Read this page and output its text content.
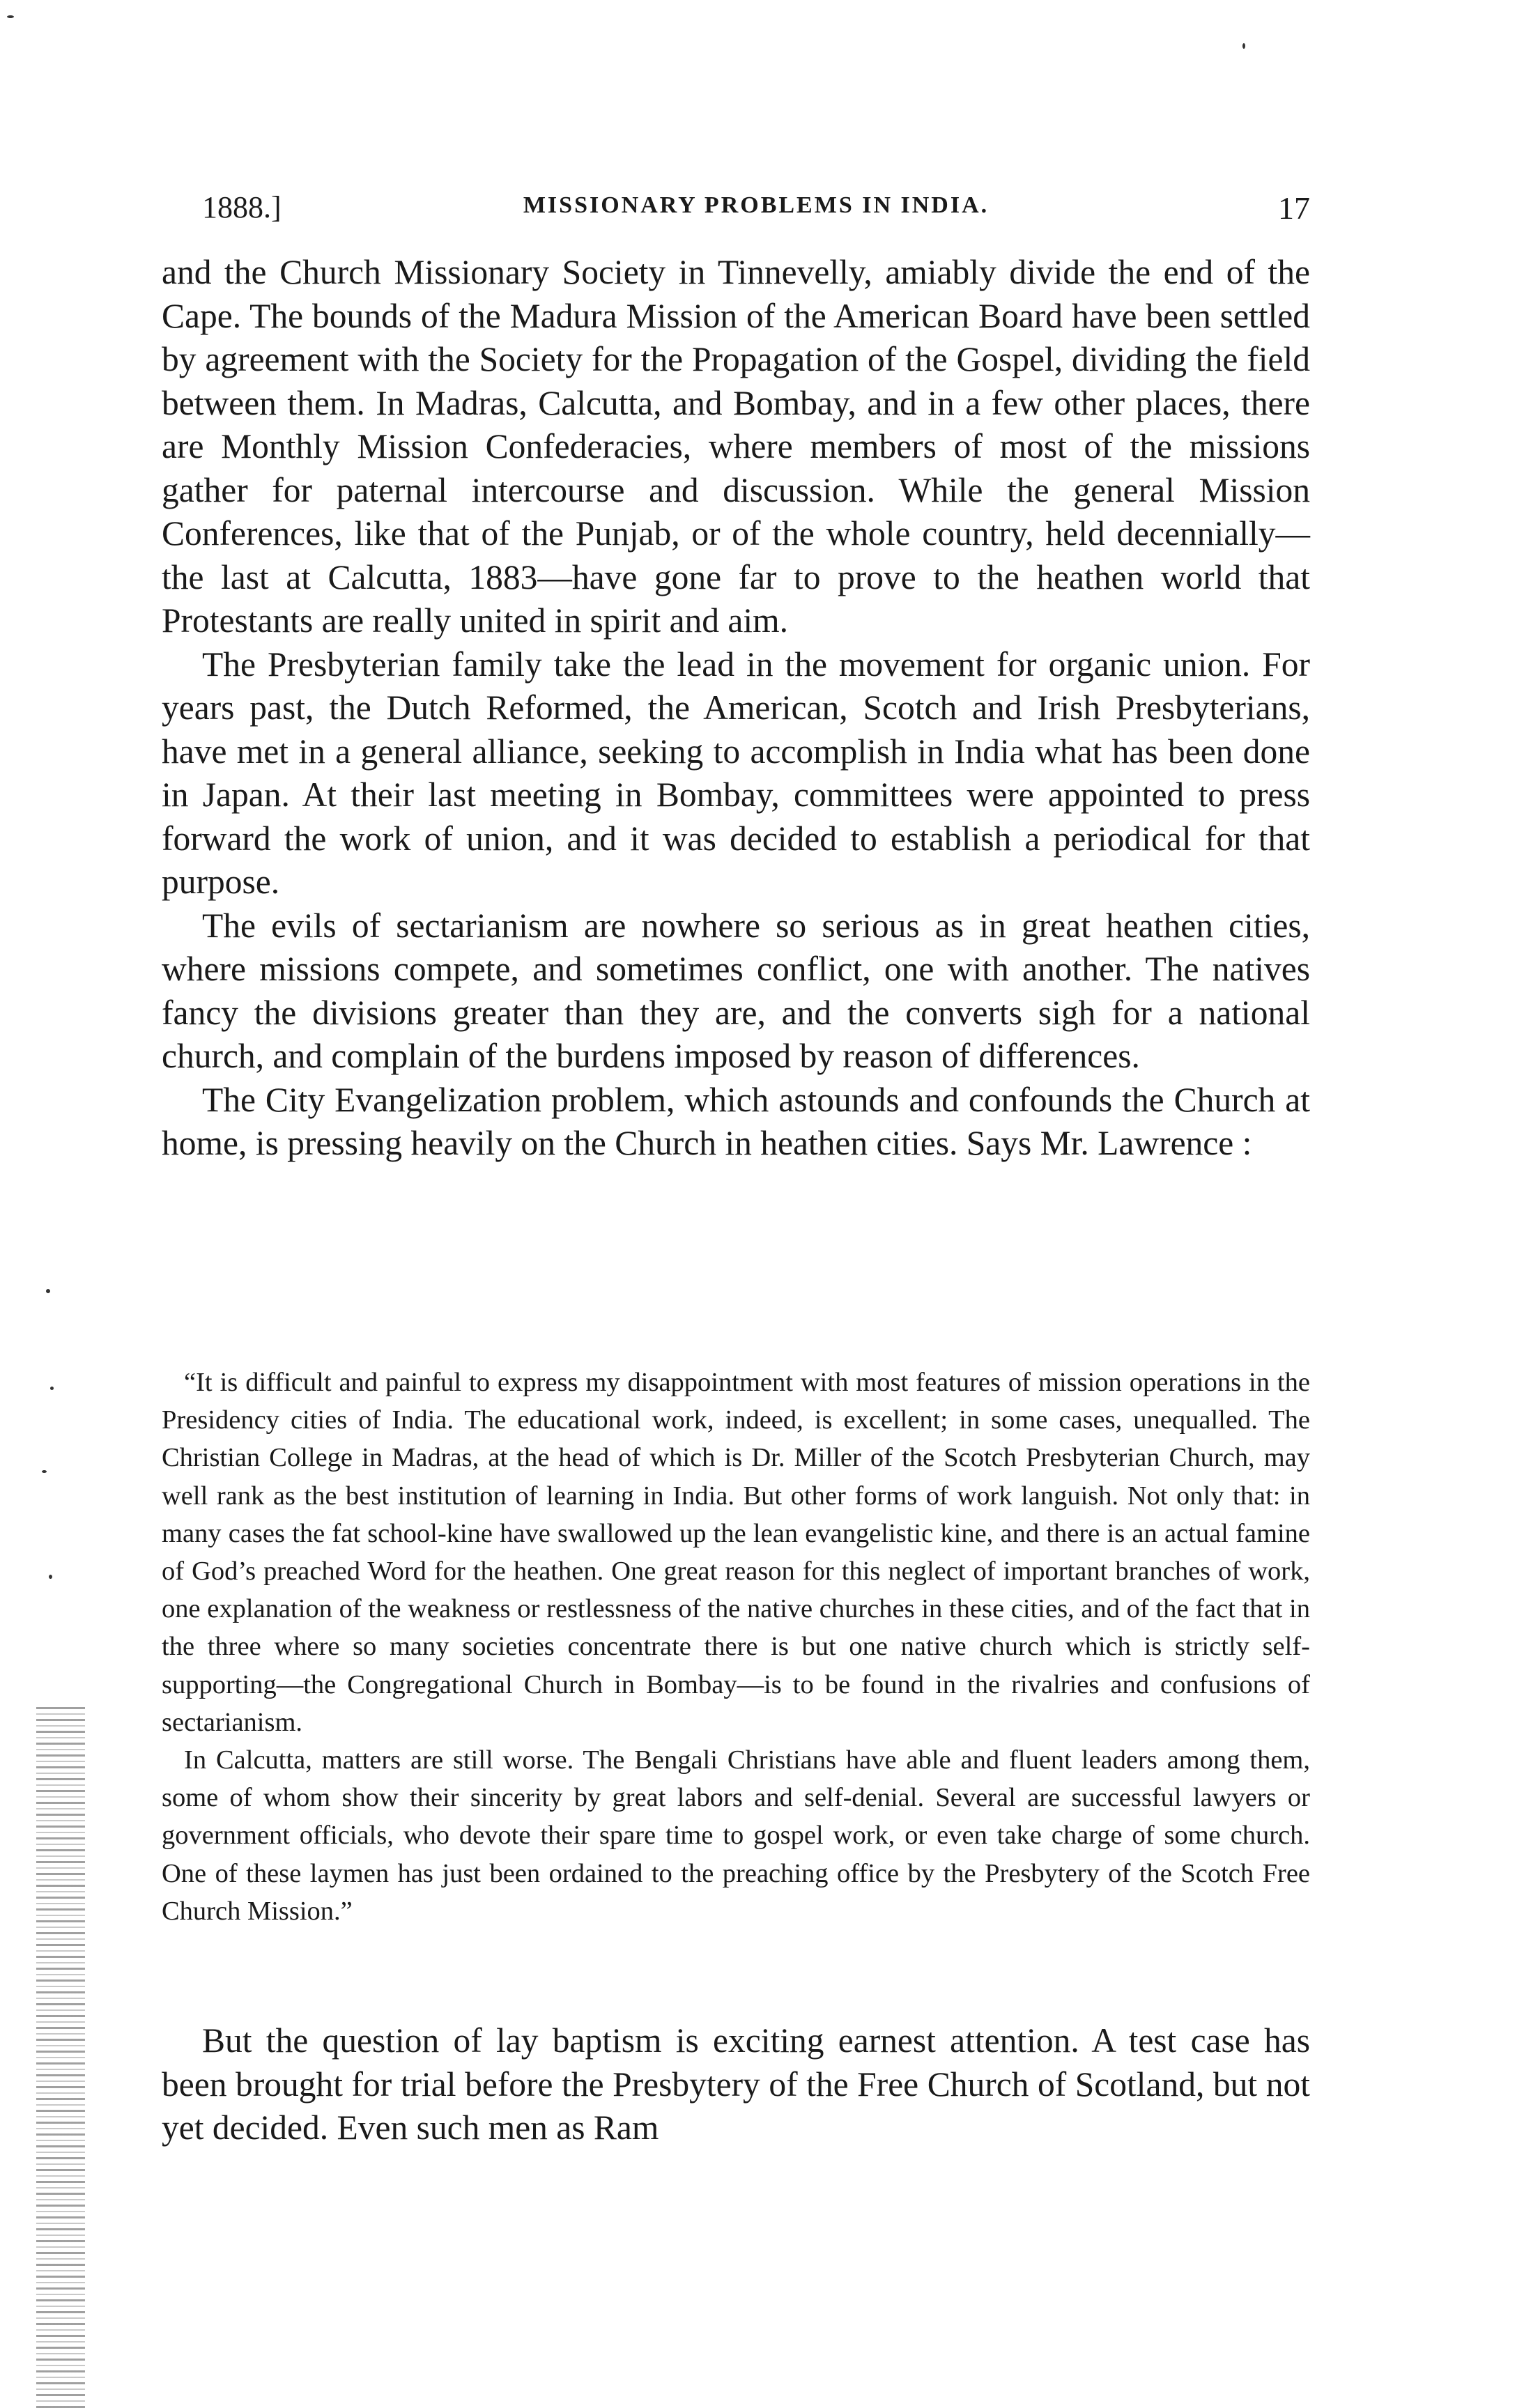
1888.]	MISSIONARY PROBLEMS IN INDIA.	17

and the Church Missionary Society in Tinnevelly, amiably divide the end of the Cape. The bounds of the Madura Mission of the American Board have been settled by agreement with the Society for the Propagation of the Gospel, dividing the field between them. In Madras, Calcutta, and Bombay, and in a few other places, there are Monthly Mission Confederacies, where members of most of the missions gather for paternal intercourse and discussion. While the general Mission Conferences, like that of the Punjab, or of the whole country, held decennially—the last at Calcutta, 1883—have gone far to prove to the heathen world that Protestants are really united in spirit and aim.

The Presbyterian family take the lead in the movement for organic union. For years past, the Dutch Reformed, the American, Scotch and Irish Presbyterians, have met in a general alliance, seeking to accomplish in India what has been done in Japan. At their last meeting in Bombay, committees were appointed to press forward the work of union, and it was decided to establish a periodical for that purpose.

The evils of sectarianism are nowhere so serious as in great heathen cities, where missions compete, and sometimes conflict, one with another. The natives fancy the divisions greater than they are, and the converts sigh for a national church, and complain of the burdens imposed by reason of differences.

The City Evangelization problem, which astounds and confounds the Church at home, is pressing heavily on the Church in heathen cities. Says Mr. Lawrence :

“It is difficult and painful to express my disappointment with most features of mission operations in the Presidency cities of India. The educational work, indeed, is excellent; in some cases, unequalled. The Christian College in Madras, at the head of which is Dr. Miller of the Scotch Presbyterian Church, may well rank as the best institution of learning in India. But other forms of work languish. Not only that: in many cases the fat school-kine have swallowed up the lean evangelistic kine, and there is an actual famine of God’s preached Word for the heathen. One great reason for this neglect of important branches of work, one explanation of the weakness or restlessness of the native churches in these cities, and of the fact that in the three where so many societies concentrate there is but one native church which is strictly self-supporting—the Congregational Church in Bombay—is to be found in the rivalries and confusions of sectarianism.

In Calcutta, matters are still worse. The Bengali Christians have able and fluent leaders among them, some of whom show their sincerity by great labors and self-denial. Several are successful lawyers or government officials, who devote their spare time to gospel work, or even take charge of some church. One of these laymen has just been ordained to the preaching office by the Presbytery of the Scotch Free Church Mission.”

But the question of lay baptism is exciting earnest attention. A test case has been brought for trial before the Presbytery of the Free Church of Scotland, but not yet decided. Even such men as Ram
